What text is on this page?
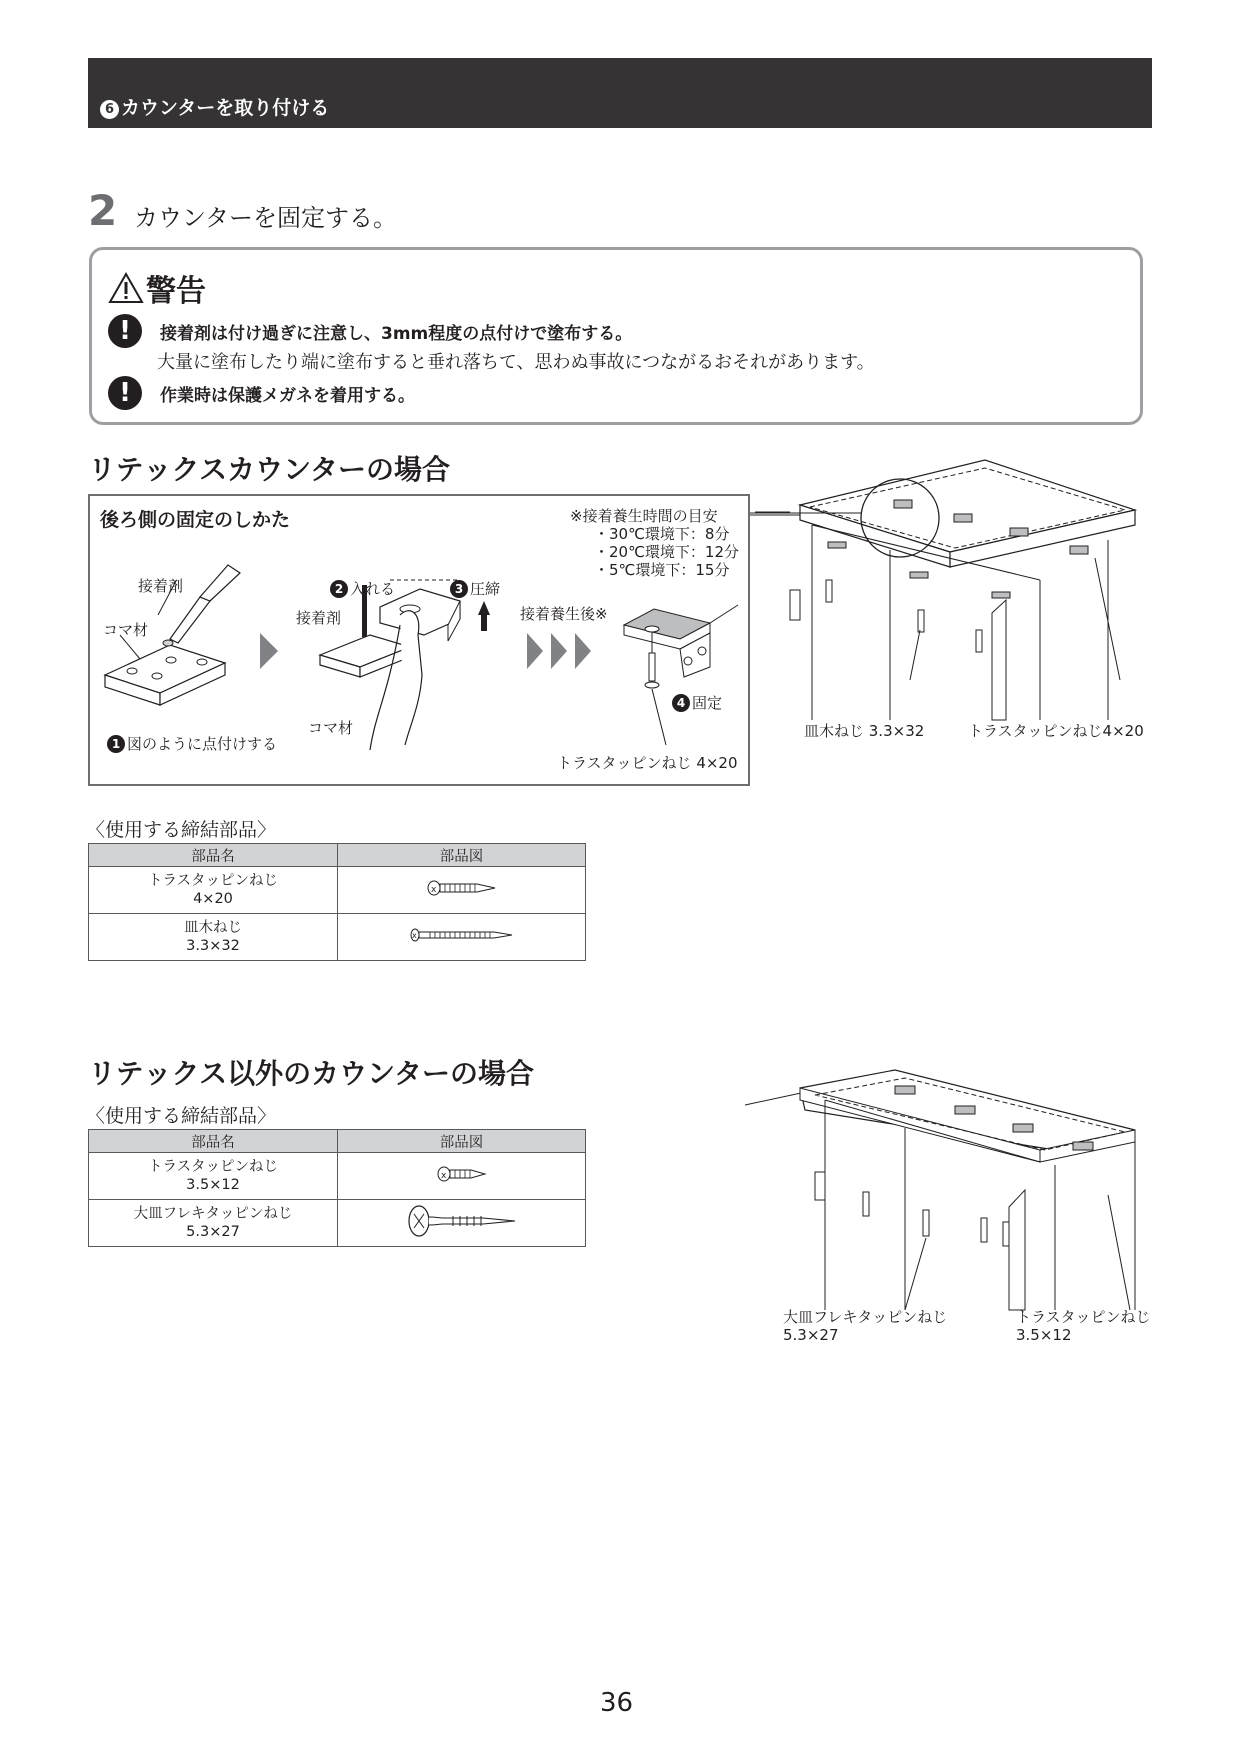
6 カウンターを取り付ける
2 カウンターを固定する。
警告
!	接着剤は付け過ぎに注意し、3mm程度の点付けで塗布する。
大量に塗布したり端に塗布すると垂れ落ちて、思わぬ事故につながるおそれがあります。
!	作業時は保護メガネを着用する。
リテックスカウンターの場合
後ろ側の固定のしかた	※接着養生時間の目安
・30℃環境下：8分
・20℃環境下：12分
・5℃環境下：15分
接着剤
コマ材
1 図のように点付けする
2 入れる	3 圧締
接着剤
コマ材
接着養生後※
4 固定
トラスタッピンねじ 4×20
皿木ねじ 3.3×32	トラスタッピンねじ4×20
〈使用する締結部品〉
部品名	部品図

トラスタッピンねじ
4×20	x

皿木ねじ
3.3×32	x
リテックス以外のカウンターの場合
〈使用する締結部品〉
部品名	部品図

トラスタッピンねじ
3.5×12	x

大皿フレキタッピンねじ
5.3×27

大皿フレキタッピンねじ
5.3×27
トラスタッピンねじ
3.5×12
36
